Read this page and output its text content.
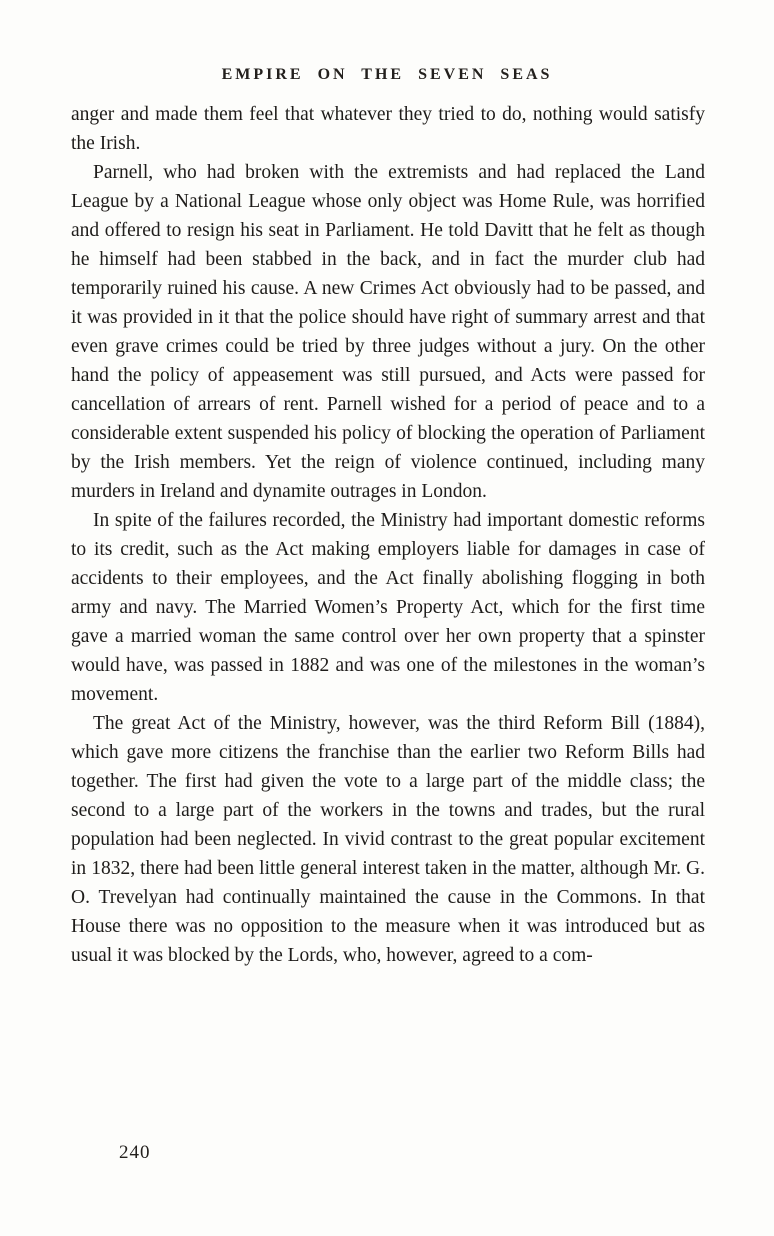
EMPIRE ON THE SEVEN SEAS

anger and made them feel that whatever they tried to do, nothing would satisfy the Irish.

Parnell, who had broken with the extremists and had replaced the Land League by a National League whose only object was Home Rule, was horrified and offered to resign his seat in Parliament. He told Davitt that he felt as though he himself had been stabbed in the back, and in fact the murder club had temporarily ruined his cause. A new Crimes Act obviously had to be passed, and it was provided in it that the police should have right of summary arrest and that even grave crimes could be tried by three judges without a jury. On the other hand the policy of appeasement was still pursued, and Acts were passed for cancellation of arrears of rent. Parnell wished for a period of peace and to a considerable extent suspended his policy of blocking the operation of Parliament by the Irish members. Yet the reign of violence continued, including many murders in Ireland and dynamite outrages in London.

In spite of the failures recorded, the Ministry had important domestic reforms to its credit, such as the Act making employers liable for damages in case of accidents to their employees, and the Act finally abolishing flogging in both army and navy. The Married Women’s Property Act, which for the first time gave a married woman the same control over her own property that a spinster would have, was passed in 1882 and was one of the milestones in the woman’s movement.

The great Act of the Ministry, however, was the third Reform Bill (1884), which gave more citizens the franchise than the earlier two Reform Bills had together. The first had given the vote to a large part of the middle class; the second to a large part of the workers in the towns and trades, but the rural population had been neglected. In vivid contrast to the great popular excitement in 1832, there had been little general interest taken in the matter, although Mr. G. O. Trevelyan had continually maintained the cause in the Commons. In that House there was no opposition to the measure when it was introduced but as usual it was blocked by the Lords, who, however, agreed to a com-

240
